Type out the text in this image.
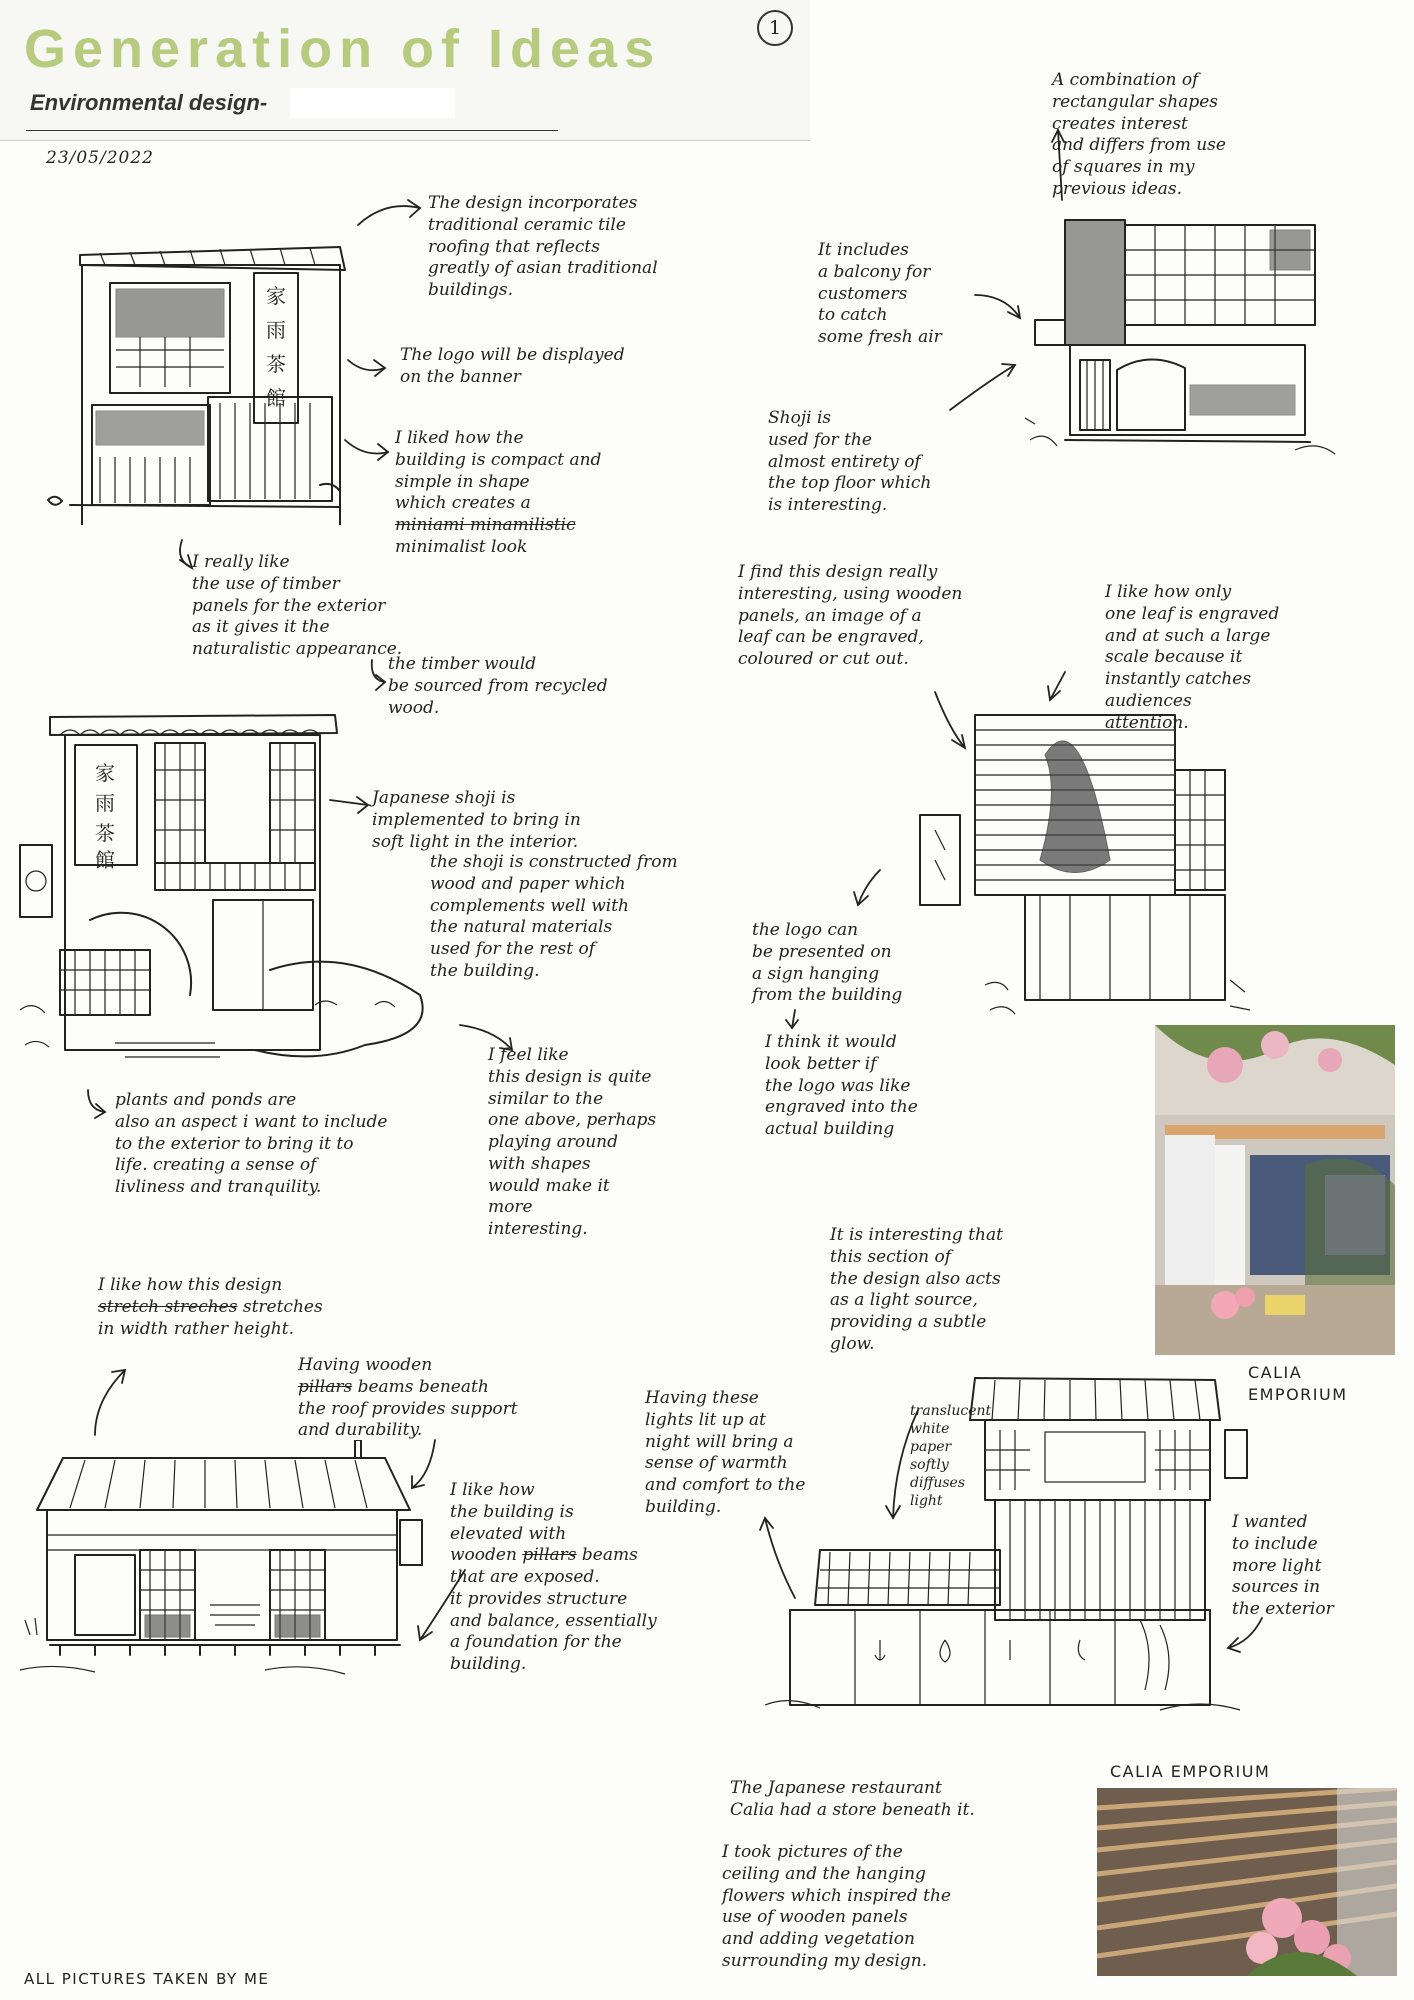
Generation of Ideas
Environmental design-
1
23/05/2022
家
雨
茶
館
家
雨
茶
館
CALIA
EMPORIUM
CALIA EMPORIUM

The design incorporates
traditional ceramic tile
roofing that reflects
greatly of asian traditional
buildings.

The logo will be displayed
on the banner

I liked how the
building is compact and
simple in shape
which creates a
miniami minamilistic
minimalist look

I really like
the use of timber
panels for the exterior
as it gives it the
naturalistic appearance.

the timber would
be sourced from recycled
wood.

Japanese shoji is
implemented to bring in
soft light in the interior.

the shoji is constructed from
wood and paper which
complements well with
the natural materials
used for the rest of
the building.

plants and ponds are
also an aspect i want to include
to the exterior to bring it to
life. creating a sense of
livliness and tranquility.

I feel like
this design is quite
similar to the
one above, perhaps
playing around
with shapes
would make it
more
interesting.

A combination of
rectangular shapes
creates interest
and differs from use
of squares in my
previous ideas.

It includes
a balcony for
customers
to catch
some fresh air

Shoji is
used for the
almost entirety of
the top floor which
is interesting.

I find this design really
interesting, using wooden
panels, an image of a
leaf can be engraved,
coloured or cut out.

I like how only
one leaf is engraved
and at such a large
scale because it
instantly catches
audiences
attention.

the logo can
be presented on
a sign hanging
from the building

I think it would
look better if
the logo was like
engraved into the
actual building

I like how this design
stretch streches stretches
in width rather height.

Having wooden
pillars beams beneath
the roof provides support
and durability.

I like how
the building is
elevated with
wooden pillars beams
that are exposed.
it provides structure
and balance, essentially
a foundation for the
building.

Having these
lights lit up at
night will bring a
sense of warmth
and comfort to the
building.

It is interesting that
this section of
the design also acts
as a light source,
providing a subtle
glow.

translucent
white
paper
softly
diffuses
light

I wanted
to include
more light
sources in
the exterior

The Japanese restaurant
Calia had a store beneath it.

I took pictures of the
ceiling and the hanging
flowers which inspired the
use of wooden panels
and adding vegetation
surrounding my design.

ALL PICTURES TAKEN BY ME
